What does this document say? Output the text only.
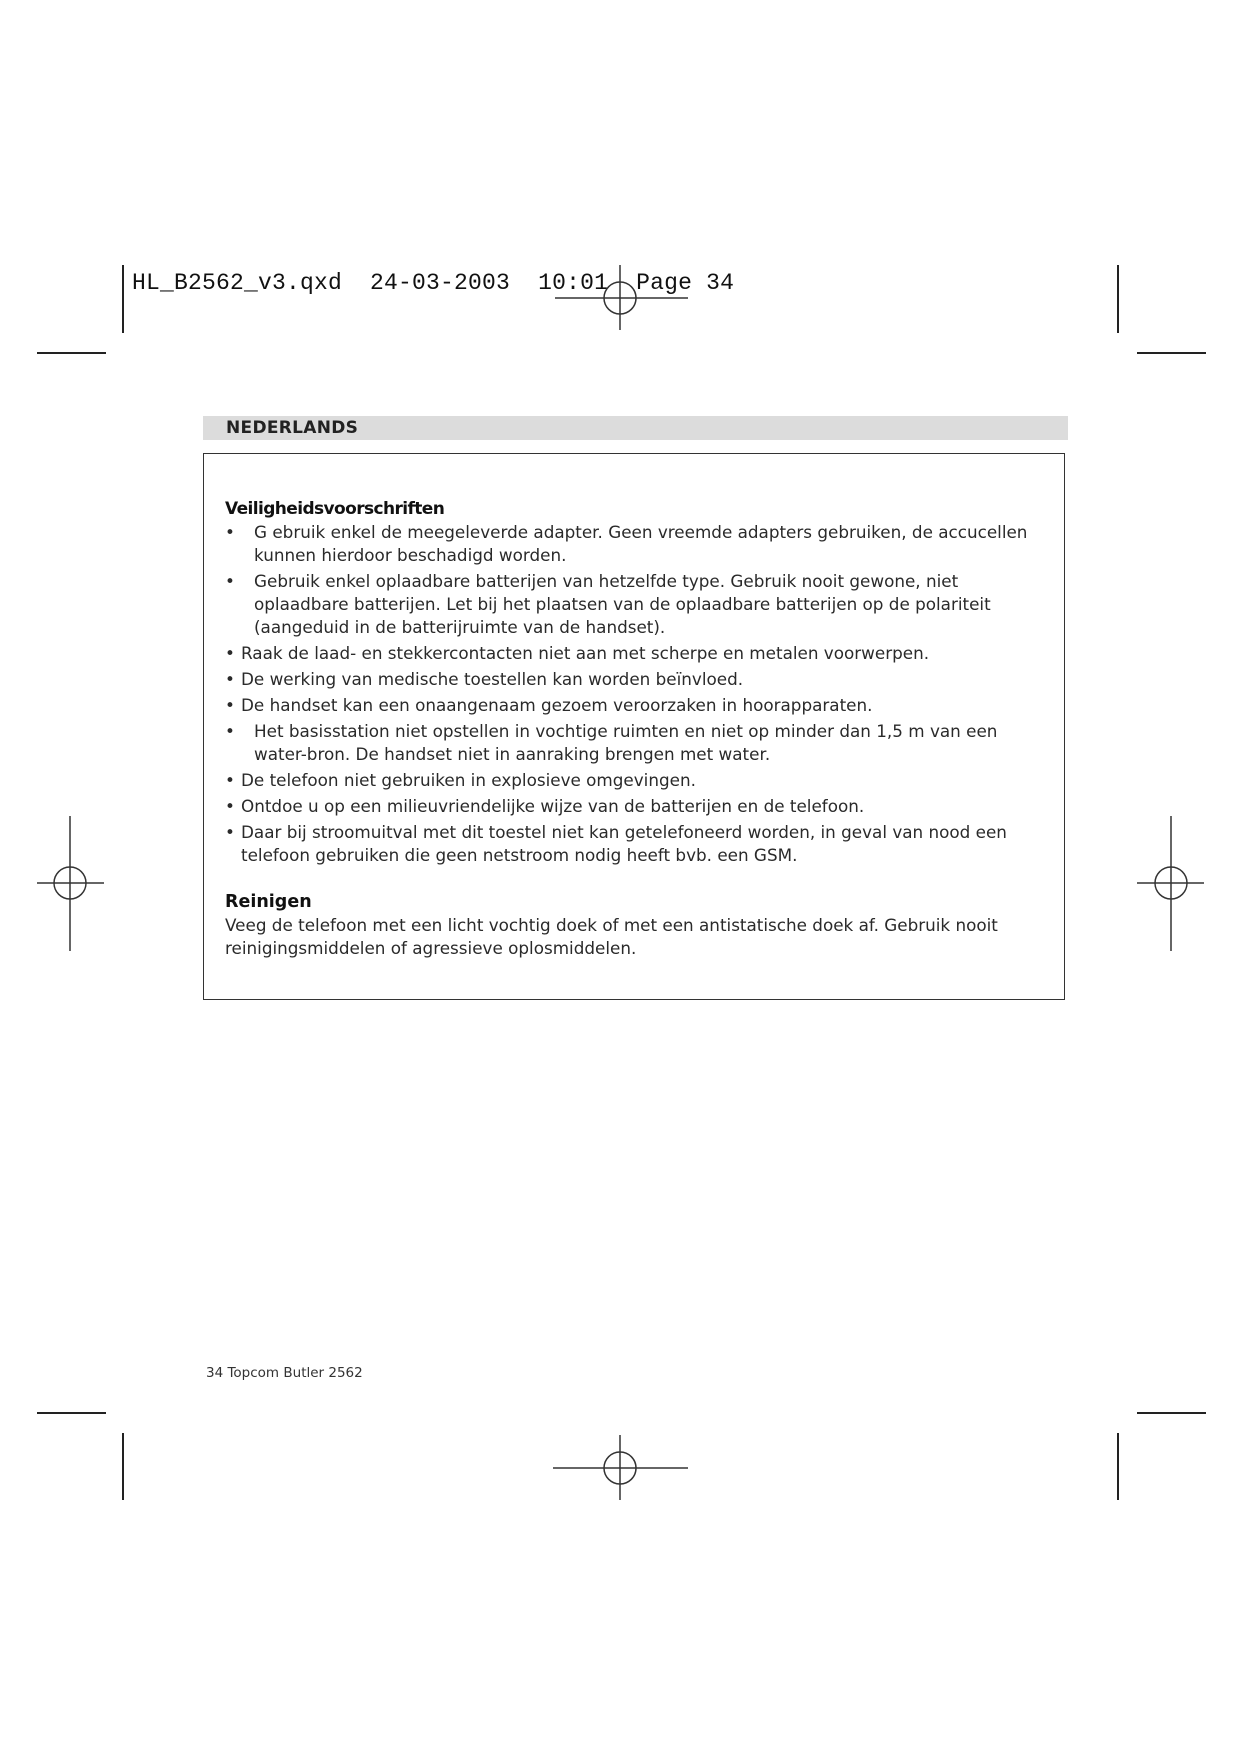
HL_B2562_v3.qxd  24-03-2003  10:01  Page 34
NEDERLANDS

Veiligheidsvoorschriften

• G ebruik enkel de meegeleverde adapter. Geen vreemde adapters gebruiken, de accucellen kunnen hierdoor beschadigd worden.
• Gebruik enkel oplaadbare batterijen van hetzelfde type. Gebruik nooit gewone, niet oplaadbare batterijen. Let bij het plaatsen van de oplaadbare batterijen op de polariteit (aangeduid in de batterijruimte van de handset).
• Raak de laad- en stekkercontacten niet aan met scherpe en metalen voorwerpen.
• De werking van medische toestellen kan worden beïnvloed.
• De handset kan een onaangenaam gezoem veroorzaken in hoorapparaten.
• Het basisstation niet opstellen in vochtige ruimten en niet op minder dan 1,5 m van een water-bron. De handset niet in aanraking brengen met water.
• De telefoon niet gebruiken in explosieve omgevingen.
• Ontdoe u op een milieuvriendelijke wijze van de batterijen en de telefoon.
• Daar bij stroomuitval met dit toestel niet kan getelefoneerd worden, in geval van nood een telefoon gebruiken die geen netstroom nodig heeft bvb. een GSM.

Reinigen

Veeg de telefoon met een licht vochtig doek of met een antistatische doek af. Gebruik nooit reinigingsmiddelen of agressieve oplosmiddelen.

34 Topcom Butler 2562
